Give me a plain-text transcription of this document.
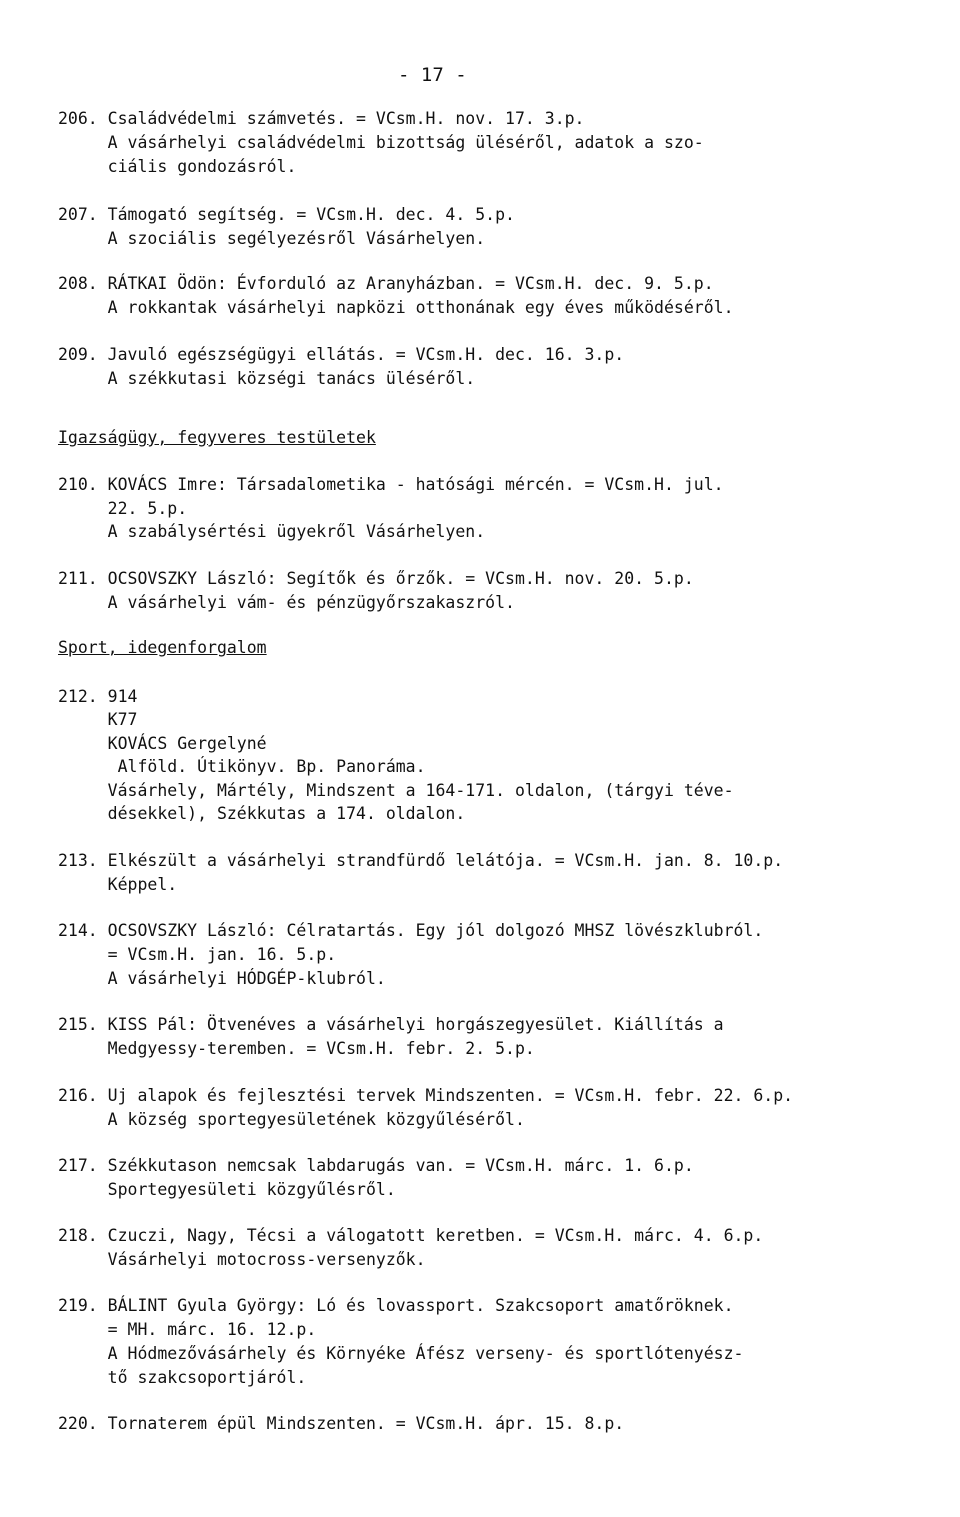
- 17 -
206. Családvédelmi számvetés. = VCsm.H. nov. 17. 3.p.
A vásárhelyi családvédelmi bizottság üléséről, adatok a szo-
ciális gondozásról.
207. Támogató segítség. = VCsm.H. dec. 4. 5.p.
A szociális segélyezésről Vásárhelyen.
208. RÁTKAI Ödön: Évforduló az Aranyházban. = VCsm.H. dec. 9. 5.p.
A rokkantak vásárhelyi napközi otthonának egy éves működéséről.
209. Javuló egészségügyi ellátás. = VCsm.H. dec. 16. 3.p.
A székkutasi községi tanács üléséről.
Igazságügy, fegyveres testületek
210. KOVÁCS Imre: Társadalometika - hatósági mércén. = VCsm.H. jul.
22. 5.p.
A szabálysértési ügyekről Vásárhelyen.
211. OCSOVSZKY László: Segítők és őrzők. = VCsm.H. nov. 20. 5.p.
A vásárhelyi vám- és pénzügyőrszakaszról.
Sport, idegenforgalom
212. 914
K77
KOVÁCS Gergelyné
Alföld. Útikönyv. Bp. Panoráma.
Vásárhely, Mártély, Mindszent a 164-171. oldalon, (tárgyi téve-
désekkel), Székkutas a 174. oldalon.
213. Elkészült a vásárhelyi strandfürdő lelátója. = VCsm.H. jan. 8. 10.p.
Képpel.
214. OCSOVSZKY László: Célratartás. Egy jól dolgozó MHSZ lövészklubról.
= VCsm.H. jan. 16. 5.p.
A vásárhelyi HÓDGÉP-klubról.
215. KISS Pál: Ötvenéves a vásárhelyi horgászegyesület. Kiállítás a
Medgyessy-teremben. = VCsm.H. febr. 2. 5.p.
216. Uj alapok és fejlesztési tervek Mindszenten. = VCsm.H. febr. 22. 6.p.
A község sportegyesületének közgyűléséről.
217. Székkutason nemcsak labdarugás van. = VCsm.H. márc. 1. 6.p.
Sportegyesületi közgyűlésről.
218. Czuczi, Nagy, Técsi a válogatott keretben. = VCsm.H. márc. 4. 6.p.
Vásárhelyi motocross-versenyzők.
219. BÁLINT Gyula György: Ló és lovassport. Szakcsoport amatőröknek.
= MH. márc. 16. 12.p.
A Hódmezővásárhely és Környéke Áfész verseny- és sportlótenyész-
tő szakcsoportjáról.
220. Tornaterem épül Mindszenten. = VCsm.H. ápr. 15. 8.p.
